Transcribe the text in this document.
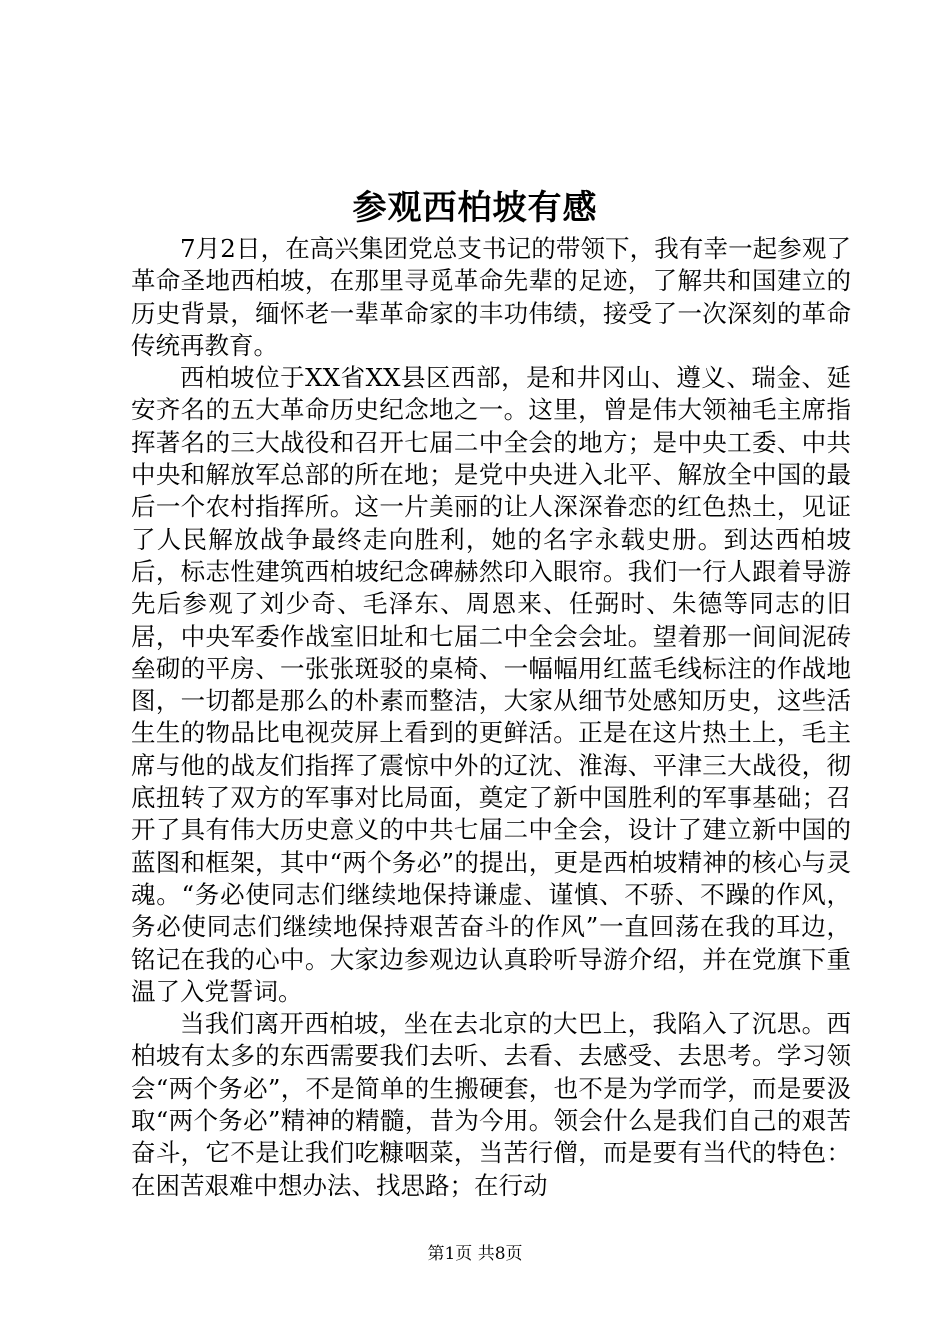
参观西柏坡有感

7月2日，在高兴集团党总支书记的带领下，我有幸一起参观了革命圣地西柏坡，在那里寻觅革命先辈的足迹，了解共和国建立的历史背景，缅怀老一辈革命家的丰功伟绩，接受了一次深刻的革命传统再教育。

西柏坡位于XX省XX县区西部，是和井冈山、遵义、瑞金、延安齐名的五大革命历史纪念地之一。这里，曾是伟大领袖毛主席指挥著名的三大战役和召开七届二中全会的地方；是中央工委、中共中央和解放军总部的所在地；是党中央进入北平、解放全中国的最后一个农村指挥所。这一片美丽的让人深深眷恋的红色热土，见证了人民解放战争最终走向胜利，她的名字永载史册。到达西柏坡后，标志性建筑西柏坡纪念碑赫然印入眼帘。我们一行人跟着导游先后参观了刘少奇、毛泽东、周恩来、任弼时、朱德等同志的旧居，中央军委作战室旧址和七届二中全会会址。望着那一间间泥砖垒砌的平房、一张张斑驳的桌椅、一幅幅用红蓝毛线标注的作战地图，一切都是那么的朴素而整洁，大家从细节处感知历史，这些活生生的物品比电视荧屏上看到的更鲜活。正是在这片热土上，毛主席与他的战友们指挥了震惊中外的辽沈、淮海、平津三大战役，彻底扭转了双方的军事对比局面，奠定了新中国胜利的军事基础；召开了具有伟大历史意义的中共七届二中全会，设计了建立新中国的蓝图和框架，其中“两个务必”的提出，更是西柏坡精神的核心与灵魂。“务必使同志们继续地保持谦虚、谨慎、不骄、不躁的作风，务必使同志们继续地保持艰苦奋斗的作风”一直回荡在我的耳边，铭记在我的心中。大家边参观边认真聆听导游介绍，并在党旗下重温了入党誓词。

当我们离开西柏坡，坐在去北京的大巴上，我陷入了沉思。西柏坡有太多的东西需要我们去听、去看、去感受、去思考。学习领会“两个务必”，不是简单的生搬硬套，也不是为学而学，而是要汲取“两个务必”精神的精髓，昔为今用。领会什么是我们自己的艰苦奋斗，它不是让我们吃糠咽菜，当苦行僧，而是要有当代的特色：在困苦艰难中想办法、找思路；在行动

第1页 共8页
